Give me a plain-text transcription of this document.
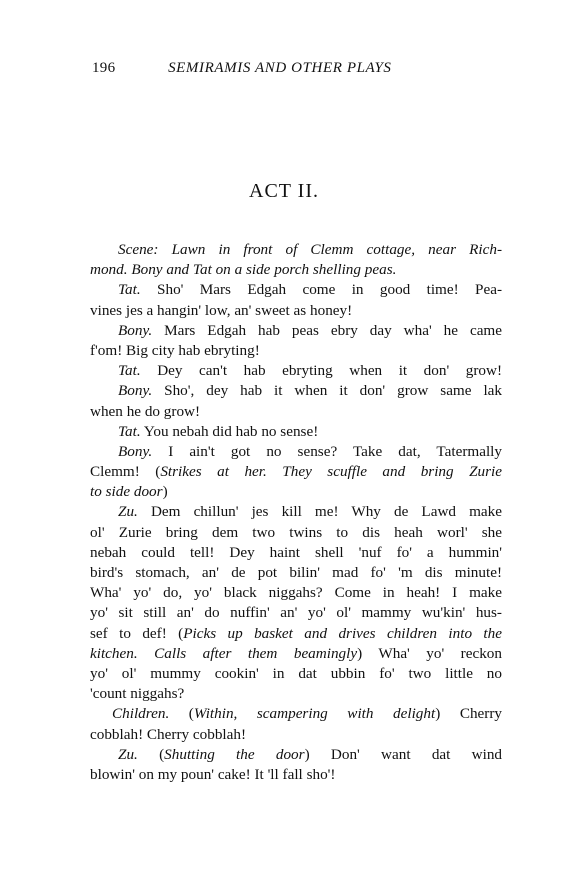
196	SEMIRAMIS AND OTHER PLAYS
ACT II.
Scene: Lawn in front of Clemm cottage, near Rich-
mond. Bony and Tat on a side porch shelling peas.
Tat. Sho' Mars Edgah come in good time! Pea-
vines jes a hangin' low, an' sweet as honey!
Bony. Mars Edgah hab peas ebry day wha' he came
f'om! Big city hab ebryting!
Tat. Dey can't hab ebryting when it don' grow!
Bony. Sho', dey hab it when it don' grow same lak
when he do grow!
Tat. You nebah did hab no sense!
Bony. I ain't got no sense? Take dat, Tatermally
Clemm! (Strikes at her. They scuffle and bring Zurie
to side door)
Zu. Dem chillun' jes kill me! Why de Lawd make
ol' Zurie bring dem two twins to dis heah worl' she
nebah could tell! Dey haint shell 'nuf fo' a hummin'
bird's stomach, an' de pot bilin' mad fo' 'm dis minute!
Wha' yo' do, yo' black niggahs? Come in heah! I make
yo' sit still an' do nuffin' an' yo' ol' mammy wu'kin' hus-
sef to def! (Picks up basket and drives children into the
kitchen. Calls after them beamingly) Wha' yo' reckon
yo' ol' mummy cookin' in dat ubbin fo' two little no
'count niggahs?
Children. (Within, scampering with delight) Cherry
cobblah! Cherry cobblah!
Zu. (Shutting the door) Don' want dat wind
blowin' on my poun' cake! It 'll fall sho'!
